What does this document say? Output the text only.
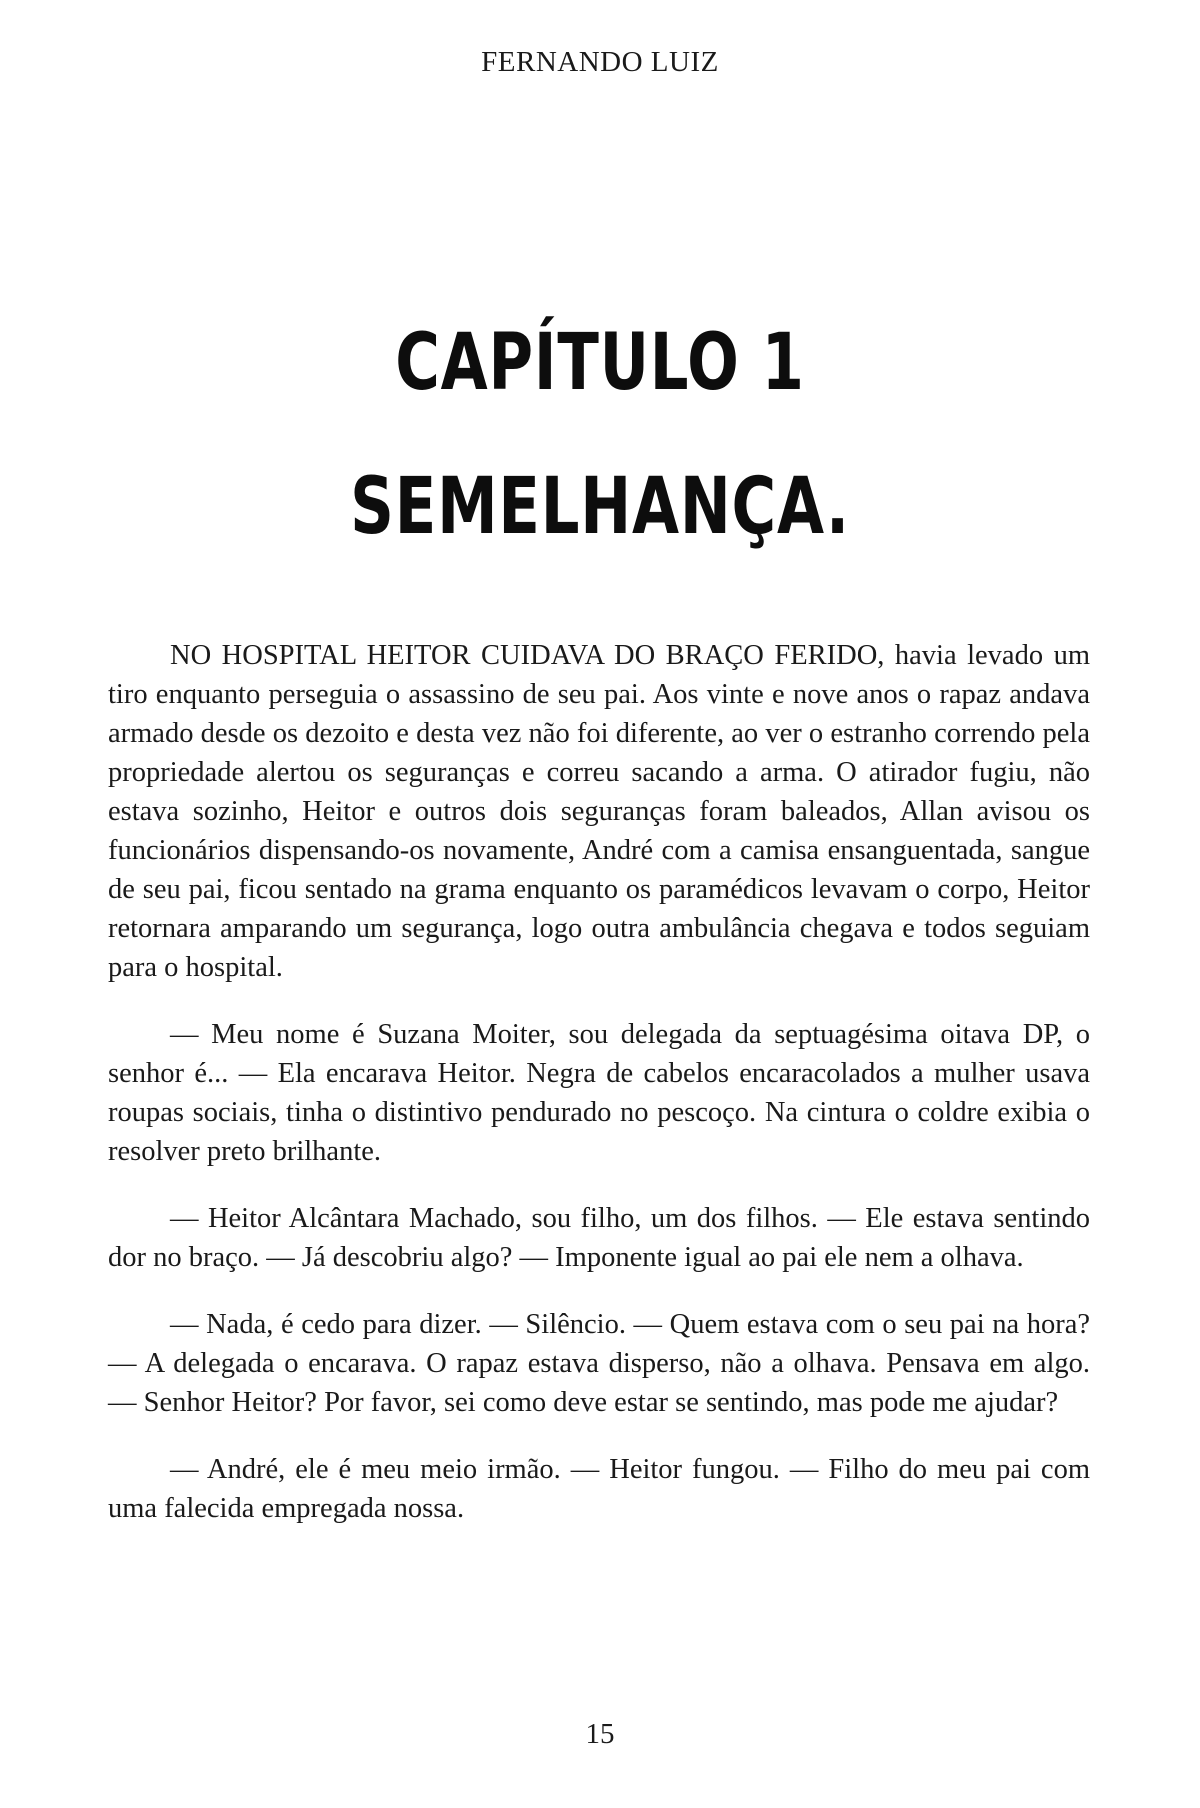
FERNANDO LUIZ
CAPÍTULO 1
SEMELHANÇA.

NO HOSPITAL HEITOR CUIDAVA DO BRAÇO FERIDO, havia levado um tiro enquanto perseguia o assassino de seu pai. Aos vinte e nove anos o rapaz andava armado desde os dezoito e desta vez não foi diferente, ao ver o estranho correndo pela propriedade alertou os seguranças e correu sacando a arma. O atirador fugiu, não estava sozinho, Heitor e outros dois seguranças foram baleados, Allan avisou os funcionários dispensando-os novamente, André com a camisa ensanguentada, sangue de seu pai, ficou sentado na grama enquanto os paramédicos levavam o corpo, Heitor retornara amparando um segurança, logo outra ambulância chegava e todos seguiam para o hospital.

— Meu nome é Suzana Moiter, sou delegada da septuagésima oitava DP, o senhor é... — Ela encarava Heitor. Negra de cabelos encaracolados a mulher usava roupas sociais, tinha o distintivo pendurado no pescoço. Na cintura o coldre exibia o resolver preto brilhante.

— Heitor Alcântara Machado, sou filho, um dos filhos. — Ele estava sentindo dor no braço. — Já descobriu algo? — Imponente igual ao pai ele nem a olhava.

— Nada, é cedo para dizer. — Silêncio. — Quem estava com o seu pai na hora? — A delegada o encarava. O rapaz estava disperso, não a olhava. Pensava em algo. — Senhor Heitor? Por favor, sei como deve estar se sentindo, mas pode me ajudar?

— André, ele é meu meio irmão. — Heitor fungou. — Filho do meu pai com uma falecida empregada nossa.

15
